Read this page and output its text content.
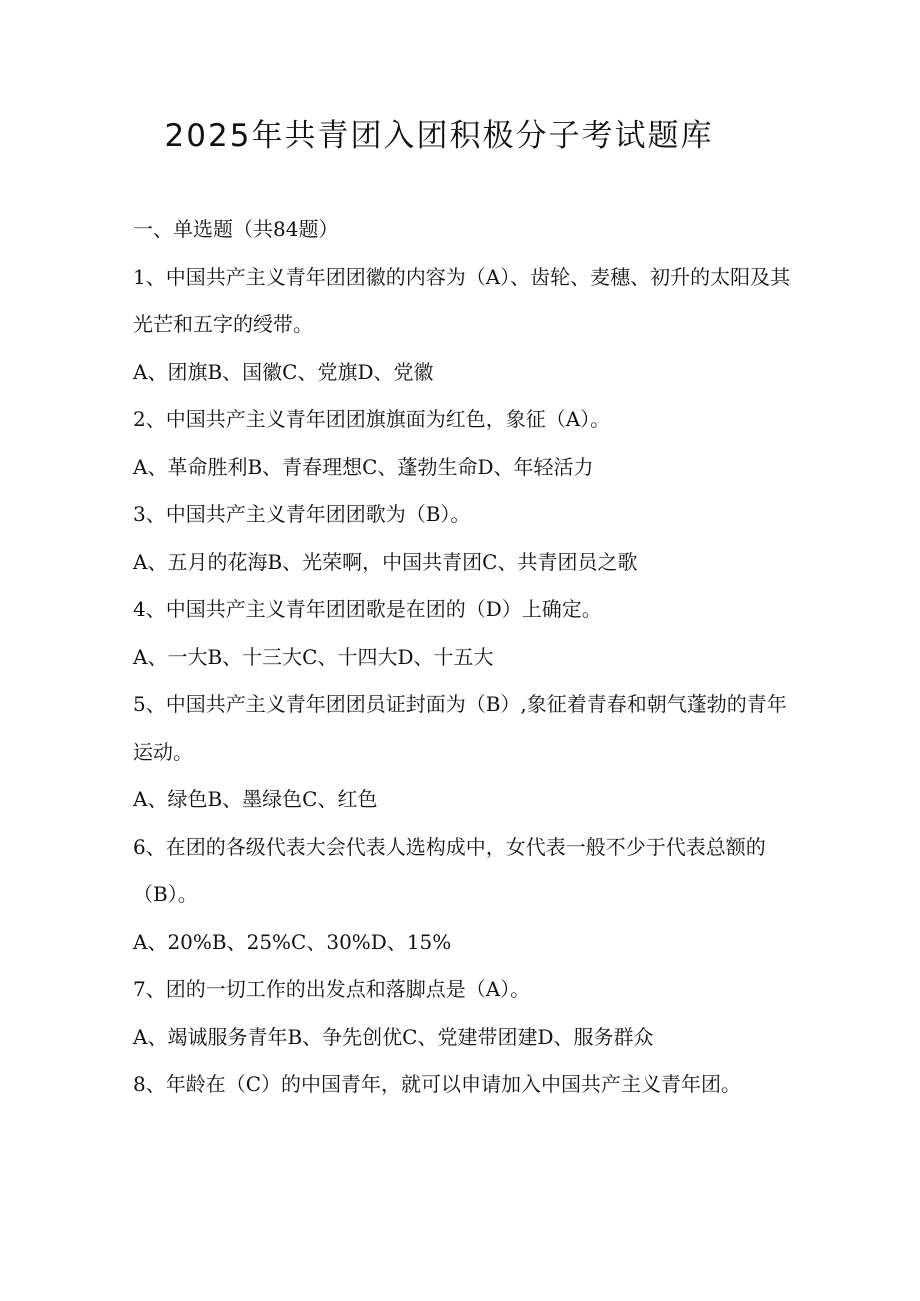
2025年共青团入团积极分子考试题库
一、单选题（共84题）

1、中国共产主义青年团团徽的内容为（A）、齿轮、麦穗、初升的太阳及其光芒和五字的绶带。

A、团旗B、国徽C、党旗D、党徽

2、中国共产主义青年团团旗旗面为红色，象征（A）。

A、革命胜利B、青春理想C、蓬勃生命D、年轻活力

3、中国共产主义青年团团歌为（B）。

A、五月的花海B、光荣啊，中国共青团C、共青团员之歌

4、中国共产主义青年团团歌是在团的（D）上确定。

A、一大B、十三大C、十四大D、十五大

5、中国共产主义青年团团员证封面为（B）,象征着青春和朝气蓬勃的青年运动。

A、绿色B、墨绿色C、红色

6、在团的各级代表大会代表人选构成中，女代表一般不少于代表总额的（B）。

A、20%B、25%C、30%D、15%

7、团的一切工作的出发点和落脚点是（A）。

A、竭诚服务青年B、争先创优C、党建带团建D、服务群众

8、年龄在（C）的中国青年，就可以申请加入中国共产主义青年团。
